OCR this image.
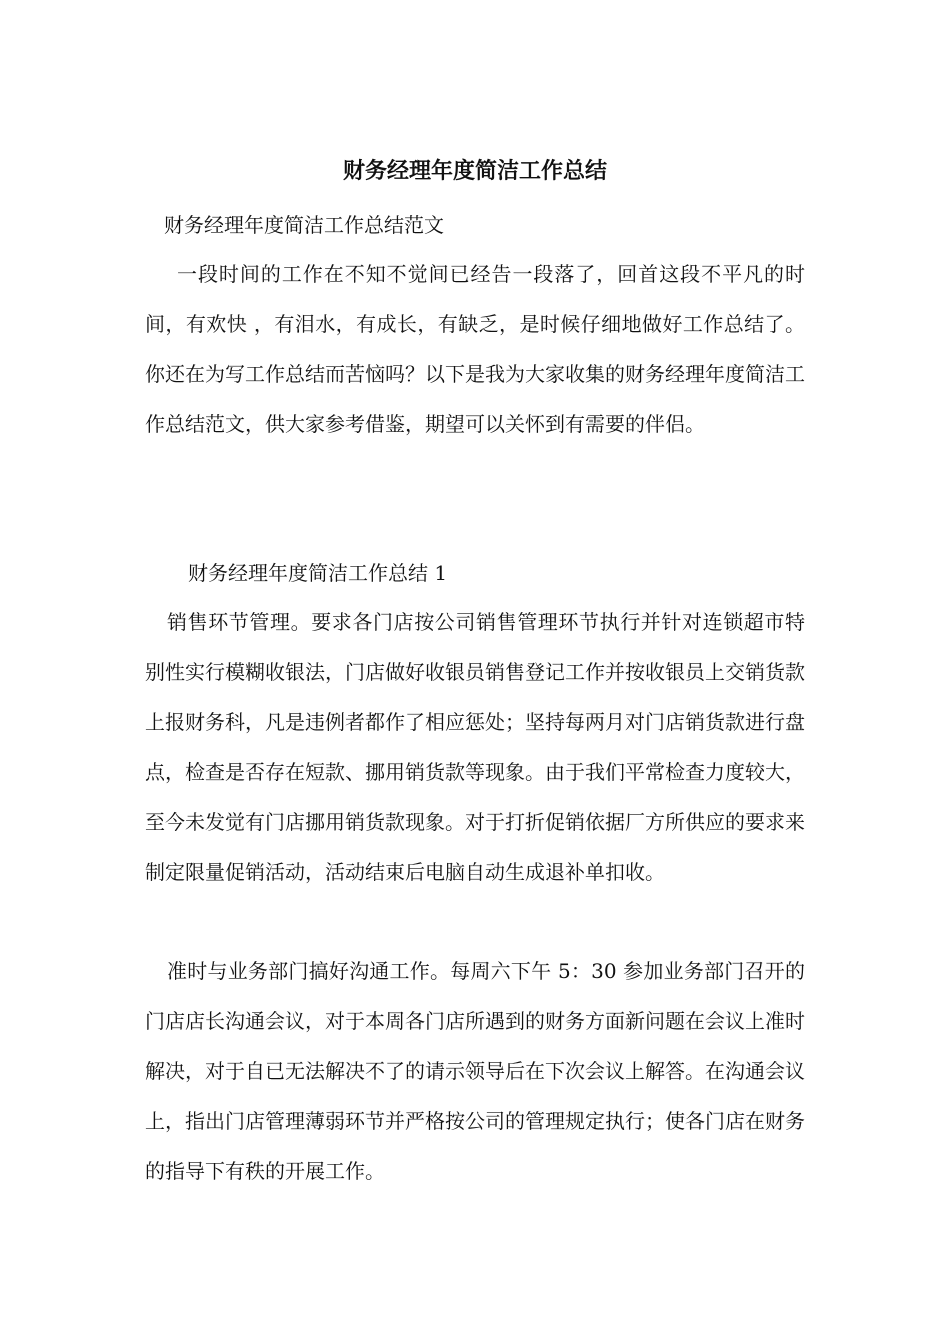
财务经理年度简洁工作总结
财务经理年度简洁工作总结范文

一段时间的工作在不知不觉间已经告一段落了，回首这段不平凡的时间，有欢快 ，有泪水，有成长，有缺乏，是时候仔细地做好工作总结了。你还在为写工作总结而苦恼吗？以下是我为大家收集的财务经理年度简洁工作总结范文，供大家参考借鉴，期望可以关怀到有需要的伴侣。

财务经理年度简洁工作总结 1

销售环节管理。要求各门店按公司销售管理环节执行并针对连锁超市特别性实行模糊收银法，门店做好收银员销售登记工作并按收银员上交销货款上报财务科，凡是违例者都作了相应惩处；坚持每两月对门店销货款进行盘点，检查是否存在短款、挪用销货款等现象。由于我们平常检查力度较大，至今未发觉有门店挪用销货款现象。对于打折促销依据厂方所供应的要求来制定限量促销活动，活动结束后电脑自动生成退补单扣收。

准时与业务部门搞好沟通工作。每周六下午 5：30 参加业务部门召开的门店店长沟通会议，对于本周各门店所遇到的财务方面新问题在会议上准时解决，对于自已无法解决不了的请示领导后在下次会议上解答。在沟通会议上，指出门店管理薄弱环节并严格按公司的管理规定执行；使各门店在财务的指导下有秩的开展工作。
